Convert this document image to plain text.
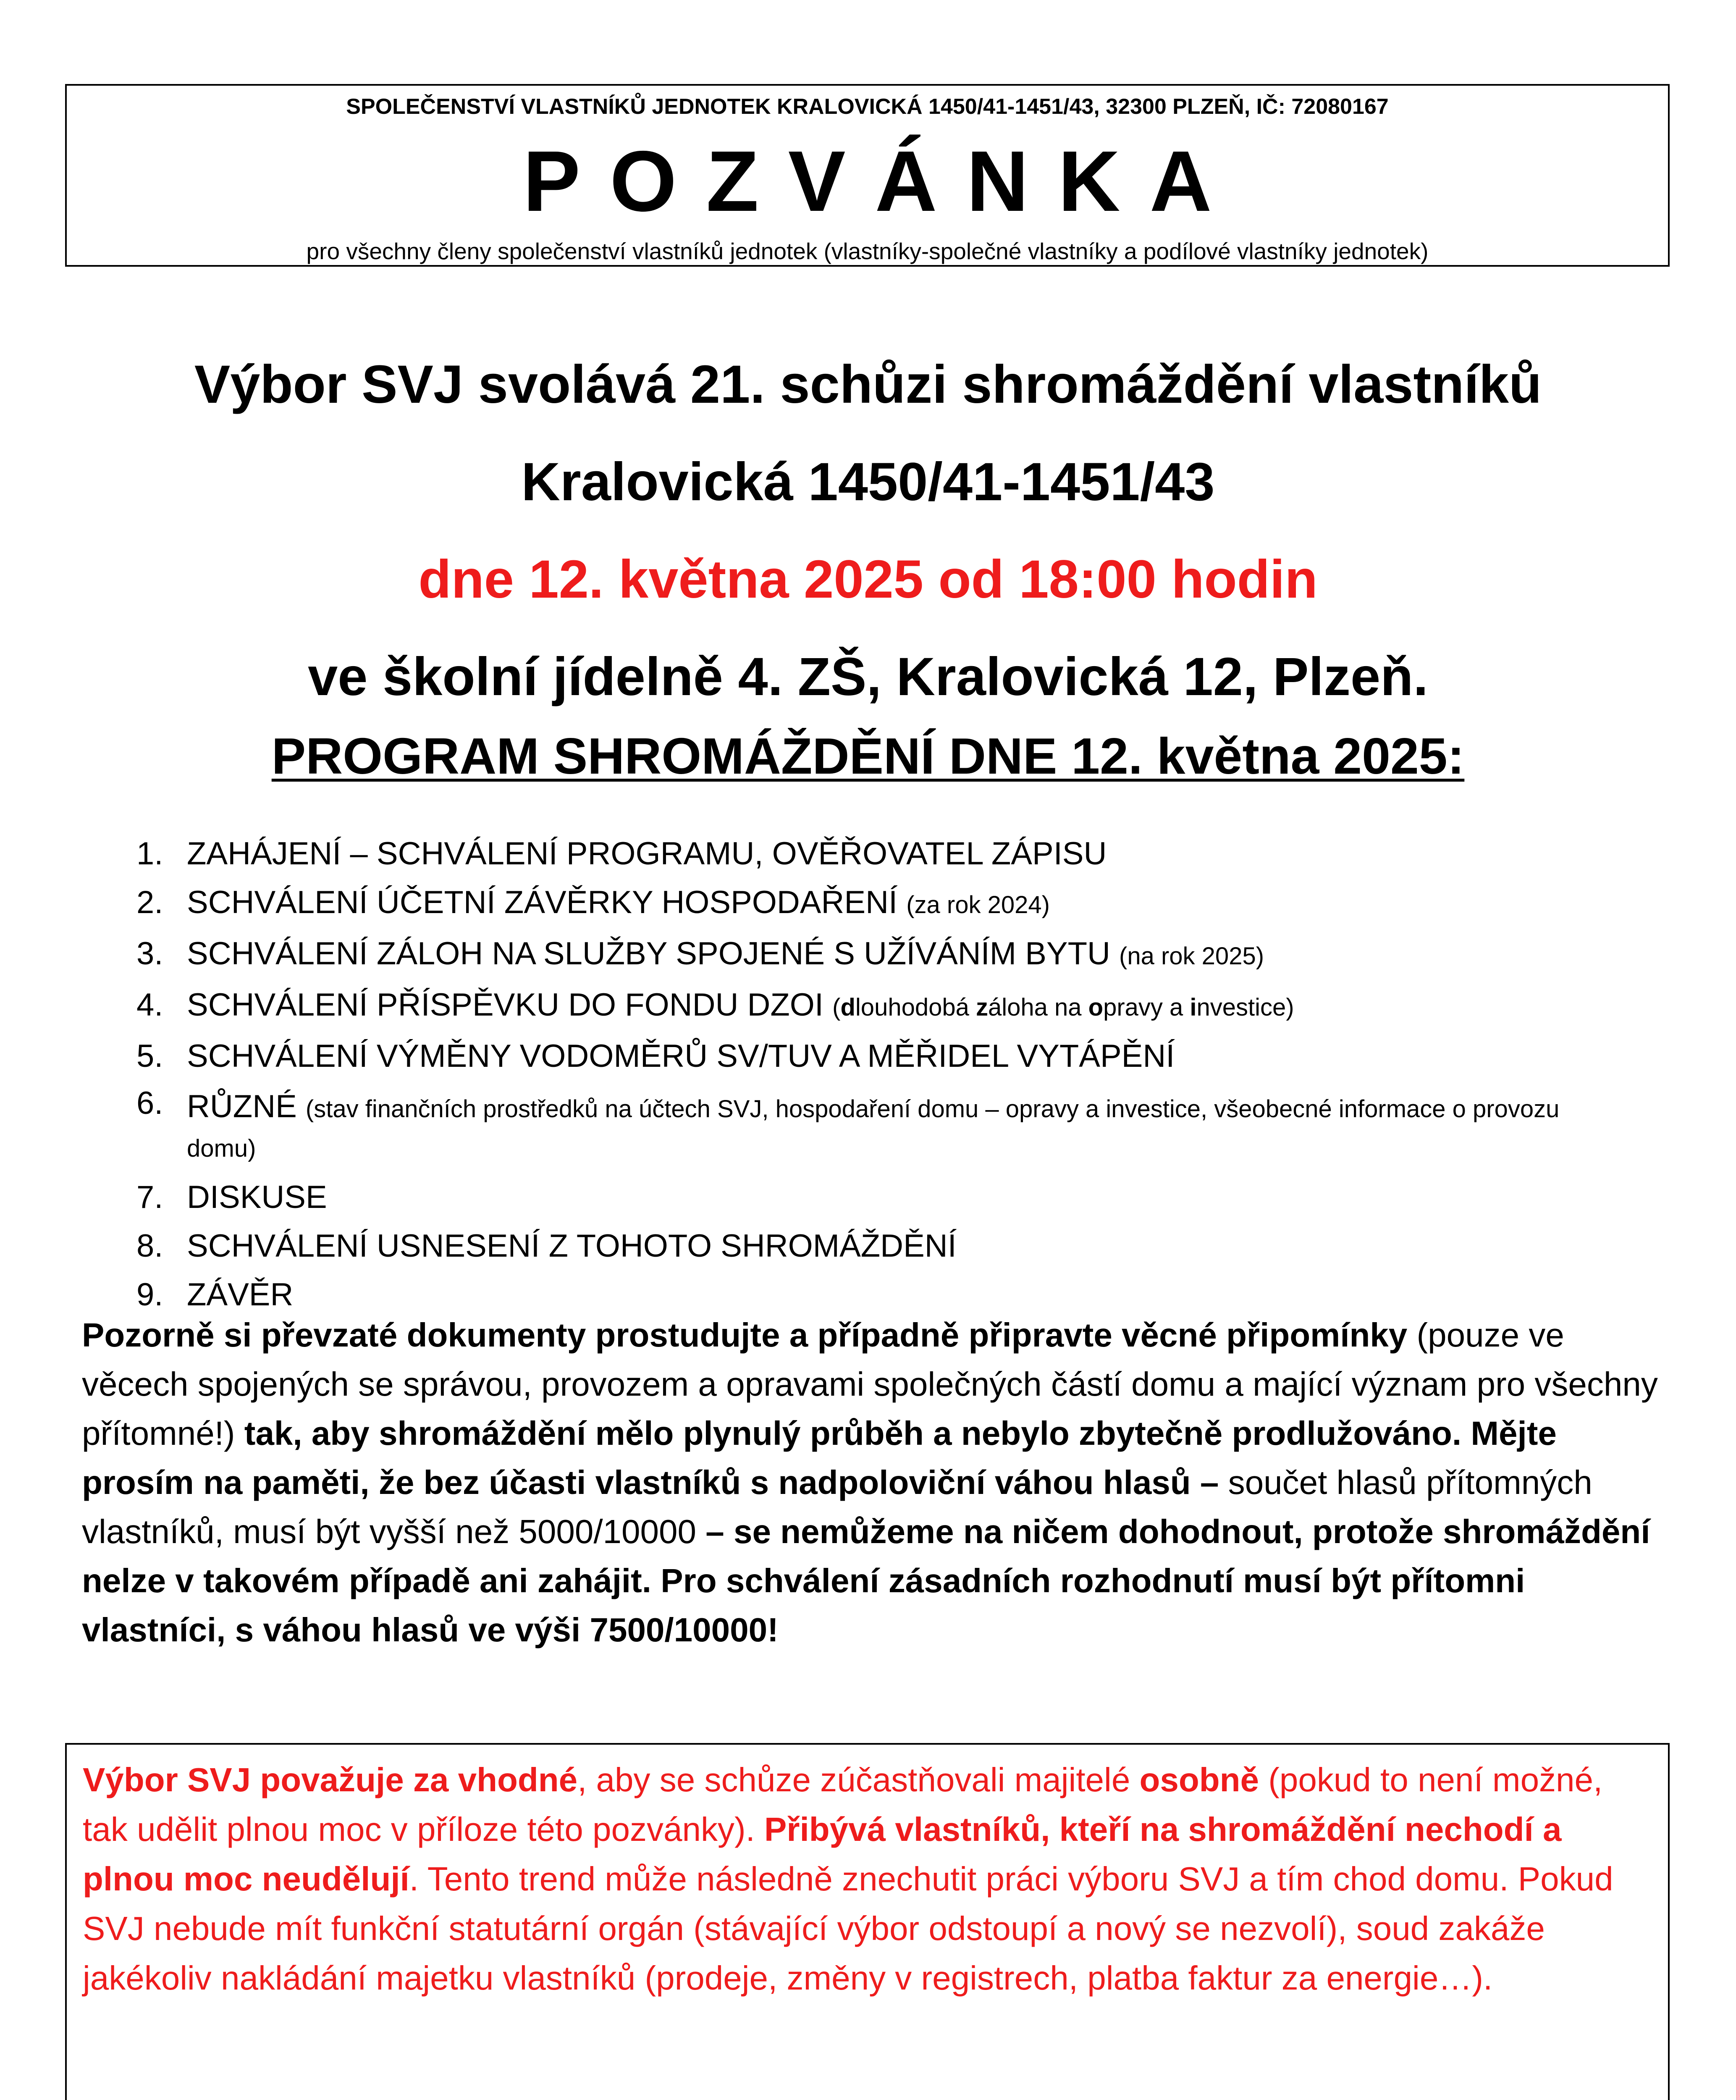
SPOLEČENSTVÍ VLASTNÍKŮ JEDNOTEK KRALOVICKÁ 1450/41-1451/43, 32300 PLZEŇ, IČ: 72080167
POZVÁNKA
pro všechny členy společenství vlastníků jednotek (vlastníky-společné vlastníky a podílové vlastníky jednotek)
Výbor SVJ svolává 21. schůzi shromáždění vlastníků
Kralovická 1450/41-1451/43
dne 12. května 2025 od 18:00 hodin
ve školní jídelně 4. ZŠ, Kralovická 12, Plzeň.
PROGRAM SHROMÁŽDĚNÍ DNE 12. května 2025:
1. ZAHÁJENÍ – SCHVÁLENÍ PROGRAMU, OVĚŘOVATEL ZÁPISU
2. SCHVÁLENÍ ÚČETNÍ ZÁVĚRKY HOSPODAŘENÍ (za rok 2024)
3. SCHVÁLENÍ ZÁLOH NA SLUŽBY SPOJENÉ S UŽÍVÁNÍM BYTU (na rok 2025)
4. SCHVÁLENÍ PŘÍSPĚVKU DO FONDU DZOI (dlouhodobá záloha na opravy a investice)
5. SCHVÁLENÍ VÝMĚNY VODOMĚRŮ SV/TUV A MĚŘIDEL VYTÁPĚNÍ
6. RŮZNÉ (stav finančních prostředků na účtech SVJ, hospodaření domu – opravy a investice, všeobecné informace o provozu domu)
7. DISKUSE
8. SCHVÁLENÍ USNESENÍ Z TOHOTO SHROMÁŽDĚNÍ
9. ZÁVĚR
Pozorně si převzaté dokumenty prostudujte a případně připravte věcné připomínky (pouze ve věcech spojených se správou, provozem a opravami společných částí domu a mající význam pro všechny přítomné!) tak, aby shromáždění mělo plynulý průběh a nebylo zbytečně prodlužováno. Mějte prosím na paměti, že bez účasti vlastníků s nadpoloviční váhou hlasů – součet hlasů přítomných vlastníků, musí být vyšší než 5000/10000 – se nemůžeme na ničem dohodnout, protože shromáždění nelze v takovém případě ani zahájit. Pro schválení zásadních rozhodnutí musí být přítomni vlastníci, s váhou hlasů ve výši 7500/10000!
Výbor SVJ považuje za vhodné, aby se schůze zúčastňovali majitelé osobně (pokud to není možné, tak udělit plnou moc v příloze této pozvánky). Přibývá vlastníků, kteří na shromáždění nechodí a plnou moc neudělují. Tento trend může následně znechutit práci výboru SVJ a tím chod domu. Pokud SVJ nebude mít funkční statutární orgán (stávající výbor odstoupí a nový se nezvolí), soud zakáže jakékoliv nakládání majetku vlastníků (prodeje, změny v registrech, platba faktur za energie…).
